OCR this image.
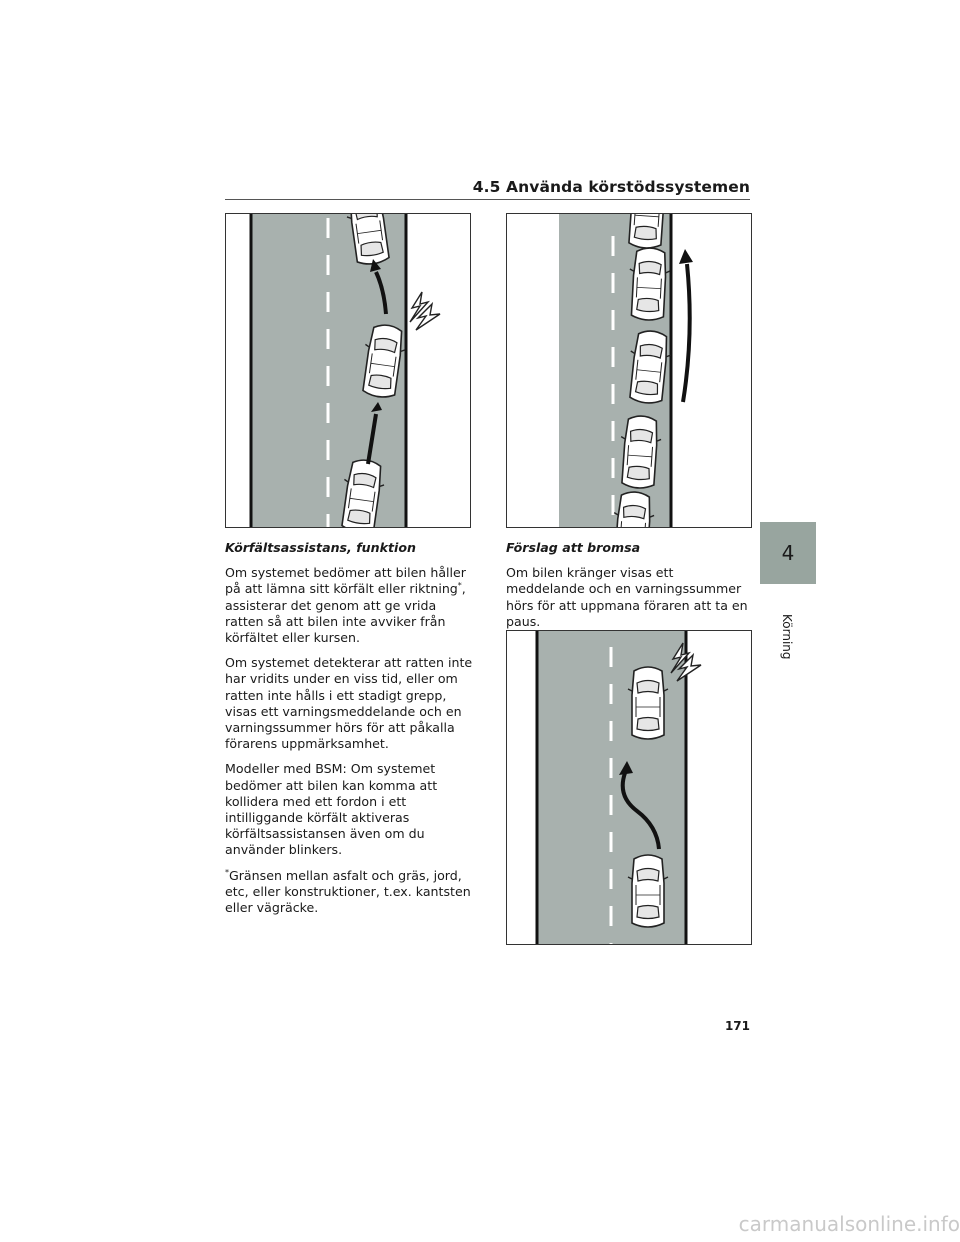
4.5 Använda körstödssystemen

Körfältsassistans, funktion

Om systemet bedömer att bilen håller på att lämna sitt körfält eller riktning*, assisterar det genom att ge vrida ratten så att bilen inte avviker från körfältet eller kursen.

Om systemet detekterar att ratten inte har vridits under en viss tid, eller om ratten inte hålls i ett stadigt grepp, visas ett varningsmeddelande och en varningssummer hörs för att påkalla förarens uppmärksamhet.

Modeller med BSM: Om systemet bedömer att bilen kan komma att kollidera med ett fordon i ett intilliggande körfält aktiveras körfältsassistansen även om du använder blinkers.

*Gränsen mellan asfalt och gräs, jord, etc, eller konstruktioner, t.ex. kantsten eller vägräcke.

Förslag att bromsa

Om bilen kränger visas ett meddelande och en varningssummer hörs för att uppmana föraren att ta en paus.

4
Körning
171
carmanualsonline.info
